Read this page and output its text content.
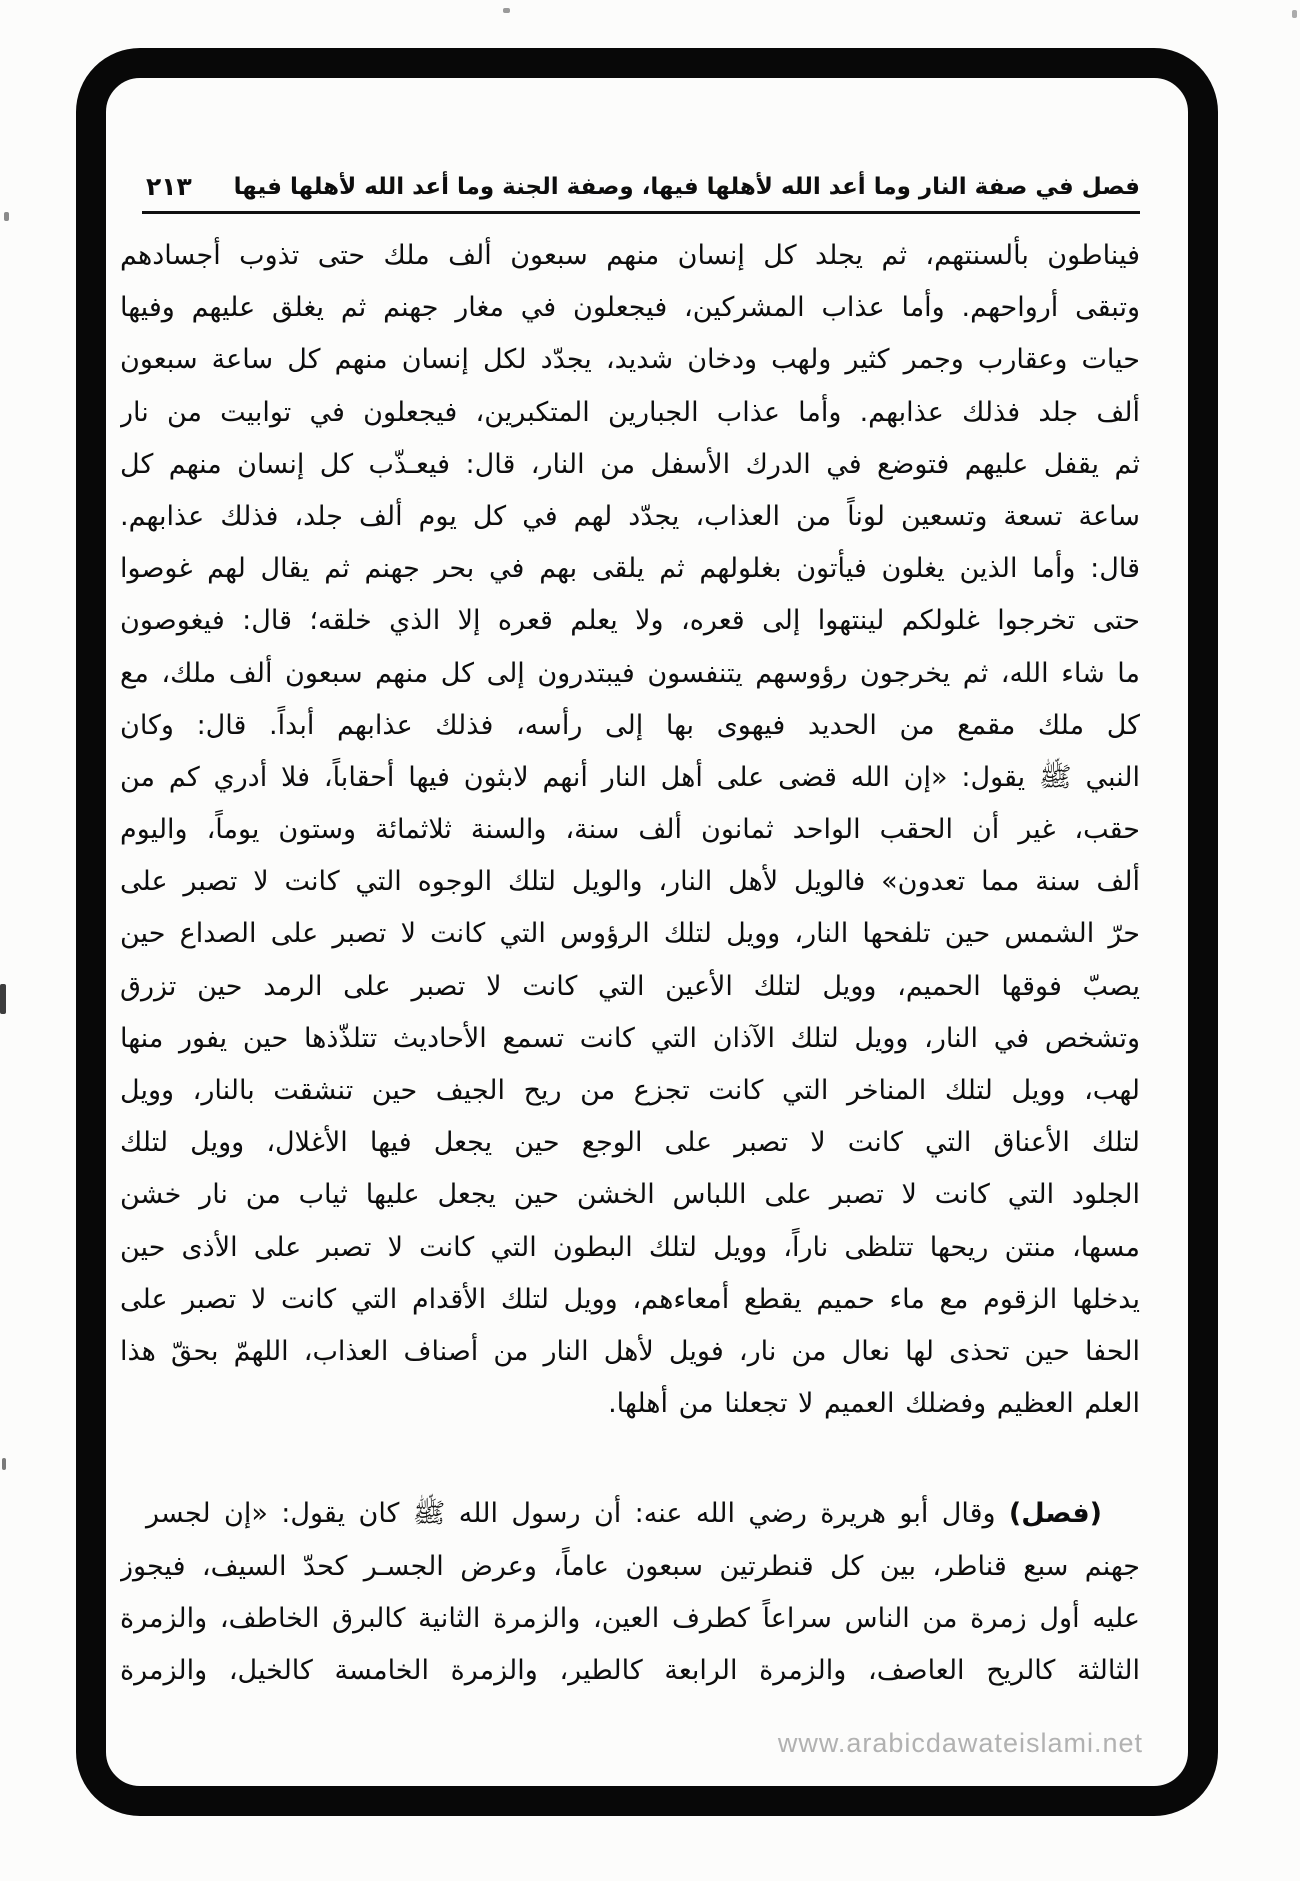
فصل في صفة النار وما أعد الله لأهلها فيها، وصفة الجنة وما أعد الله لأهلها فيها
٢١٣
فيناطون بألسنتهم، ثم يجلد كل إنسان منهم سبعون ألف ملك حتى تذوب أجسادهم
وتبقى أرواحهم. وأما عذاب المشركين، فيجعلون في مغار جهنم ثم يغلق عليهم وفيها
حيات وعقارب وجمر كثير ولهب ودخان شديد، يجدّد لكل إنسان منهم كل ساعة سبعون
ألف جلد فذلك عذابهم. وأما عذاب الجبارين المتكبرين، فيجعلون في توابيت من نار
ثم يقفل عليهم فتوضع في الدرك الأسفل من النار، قال: فيعـذّب كل إنسان منهم كل
ساعة تسعة وتسعين لوناً من العذاب، يجدّد لهم في كل يوم ألف جلد، فذلك عذابهم.
قال: وأما الذين يغلون فيأتون بغلولهم ثم يلقى بهم في بحر جهنم ثم يقال لهم غوصوا
حتى تخرجوا غلولكم لينتهوا إلى قعره، ولا يعلم قعره إلا الذي خلقه؛ قال: فيغوصون
ما شاء الله، ثم يخرجون رؤوسهم يتنفسون فيبتدرون إلى كل منهم سبعون ألف ملك، مع
كل ملك مقمع من الحديد فيهوى بها إلى رأسه، فذلك عذابهم أبداً. قال: وكان
النبي ﷺ يقول: «إن الله قضى على أهل النار أنهم لابثون فيها أحقاباً، فلا أدري كم من
حقب، غير أن الحقب الواحد ثمانون ألف سنة، والسنة ثلاثمائة وستون يوماً، واليوم
ألف سنة مما تعدون» فالويل لأهل النار، والويل لتلك الوجوه التي كانت لا تصبر على
حرّ الشمس حين تلفحها النار، وويل لتلك الرؤوس التي كانت لا تصبر على الصداع حين
يصبّ فوقها الحميم، وويل لتلك الأعين التي كانت لا تصبر على الرمد حين تزرق
وتشخص في النار، وويل لتلك الآذان التي كانت تسمع الأحاديث تتلذّذها حين يفور منها
لهب، وويل لتلك المناخر التي كانت تجزع من ريح الجيف حين تنشقت بالنار، وويل
لتلك الأعناق التي كانت لا تصبر على الوجع حين يجعل فيها الأغلال، وويل لتلك
الجلود التي كانت لا تصبر على اللباس الخشن حين يجعل عليها ثياب من نار خشن
مسها، منتن ريحها تتلظى ناراً، وويل لتلك البطون التي كانت لا تصبر على الأذى حين
يدخلها الزقوم مع ماء حميم يقطع أمعاءهم، وويل لتلك الأقدام التي كانت لا تصبر على
الحفا حين تحذى لها نعال من نار، فويل لأهل النار من أصناف العذاب، اللهمّ بحقّ هذا
العلم العظيم وفضلك العميم لا تجعلنا من أهلها.
(فصل) وقال أبو هريرة رضي الله عنه: أن رسول الله ﷺ كان يقول: «إن لجسر
جهنم سبع قناطر، بين كل قنطرتين سبعون عاماً، وعرض الجسـر كحدّ السيف، فيجوز
عليه أول زمرة من الناس سراعاً كطرف العين، والزمرة الثانية كالبرق الخاطف، والزمرة
الثالثة كالريح العاصف، والزمرة الرابعة كالطير، والزمرة الخامسة كالخيل، والزمرة
www.arabicdawateislami.net
